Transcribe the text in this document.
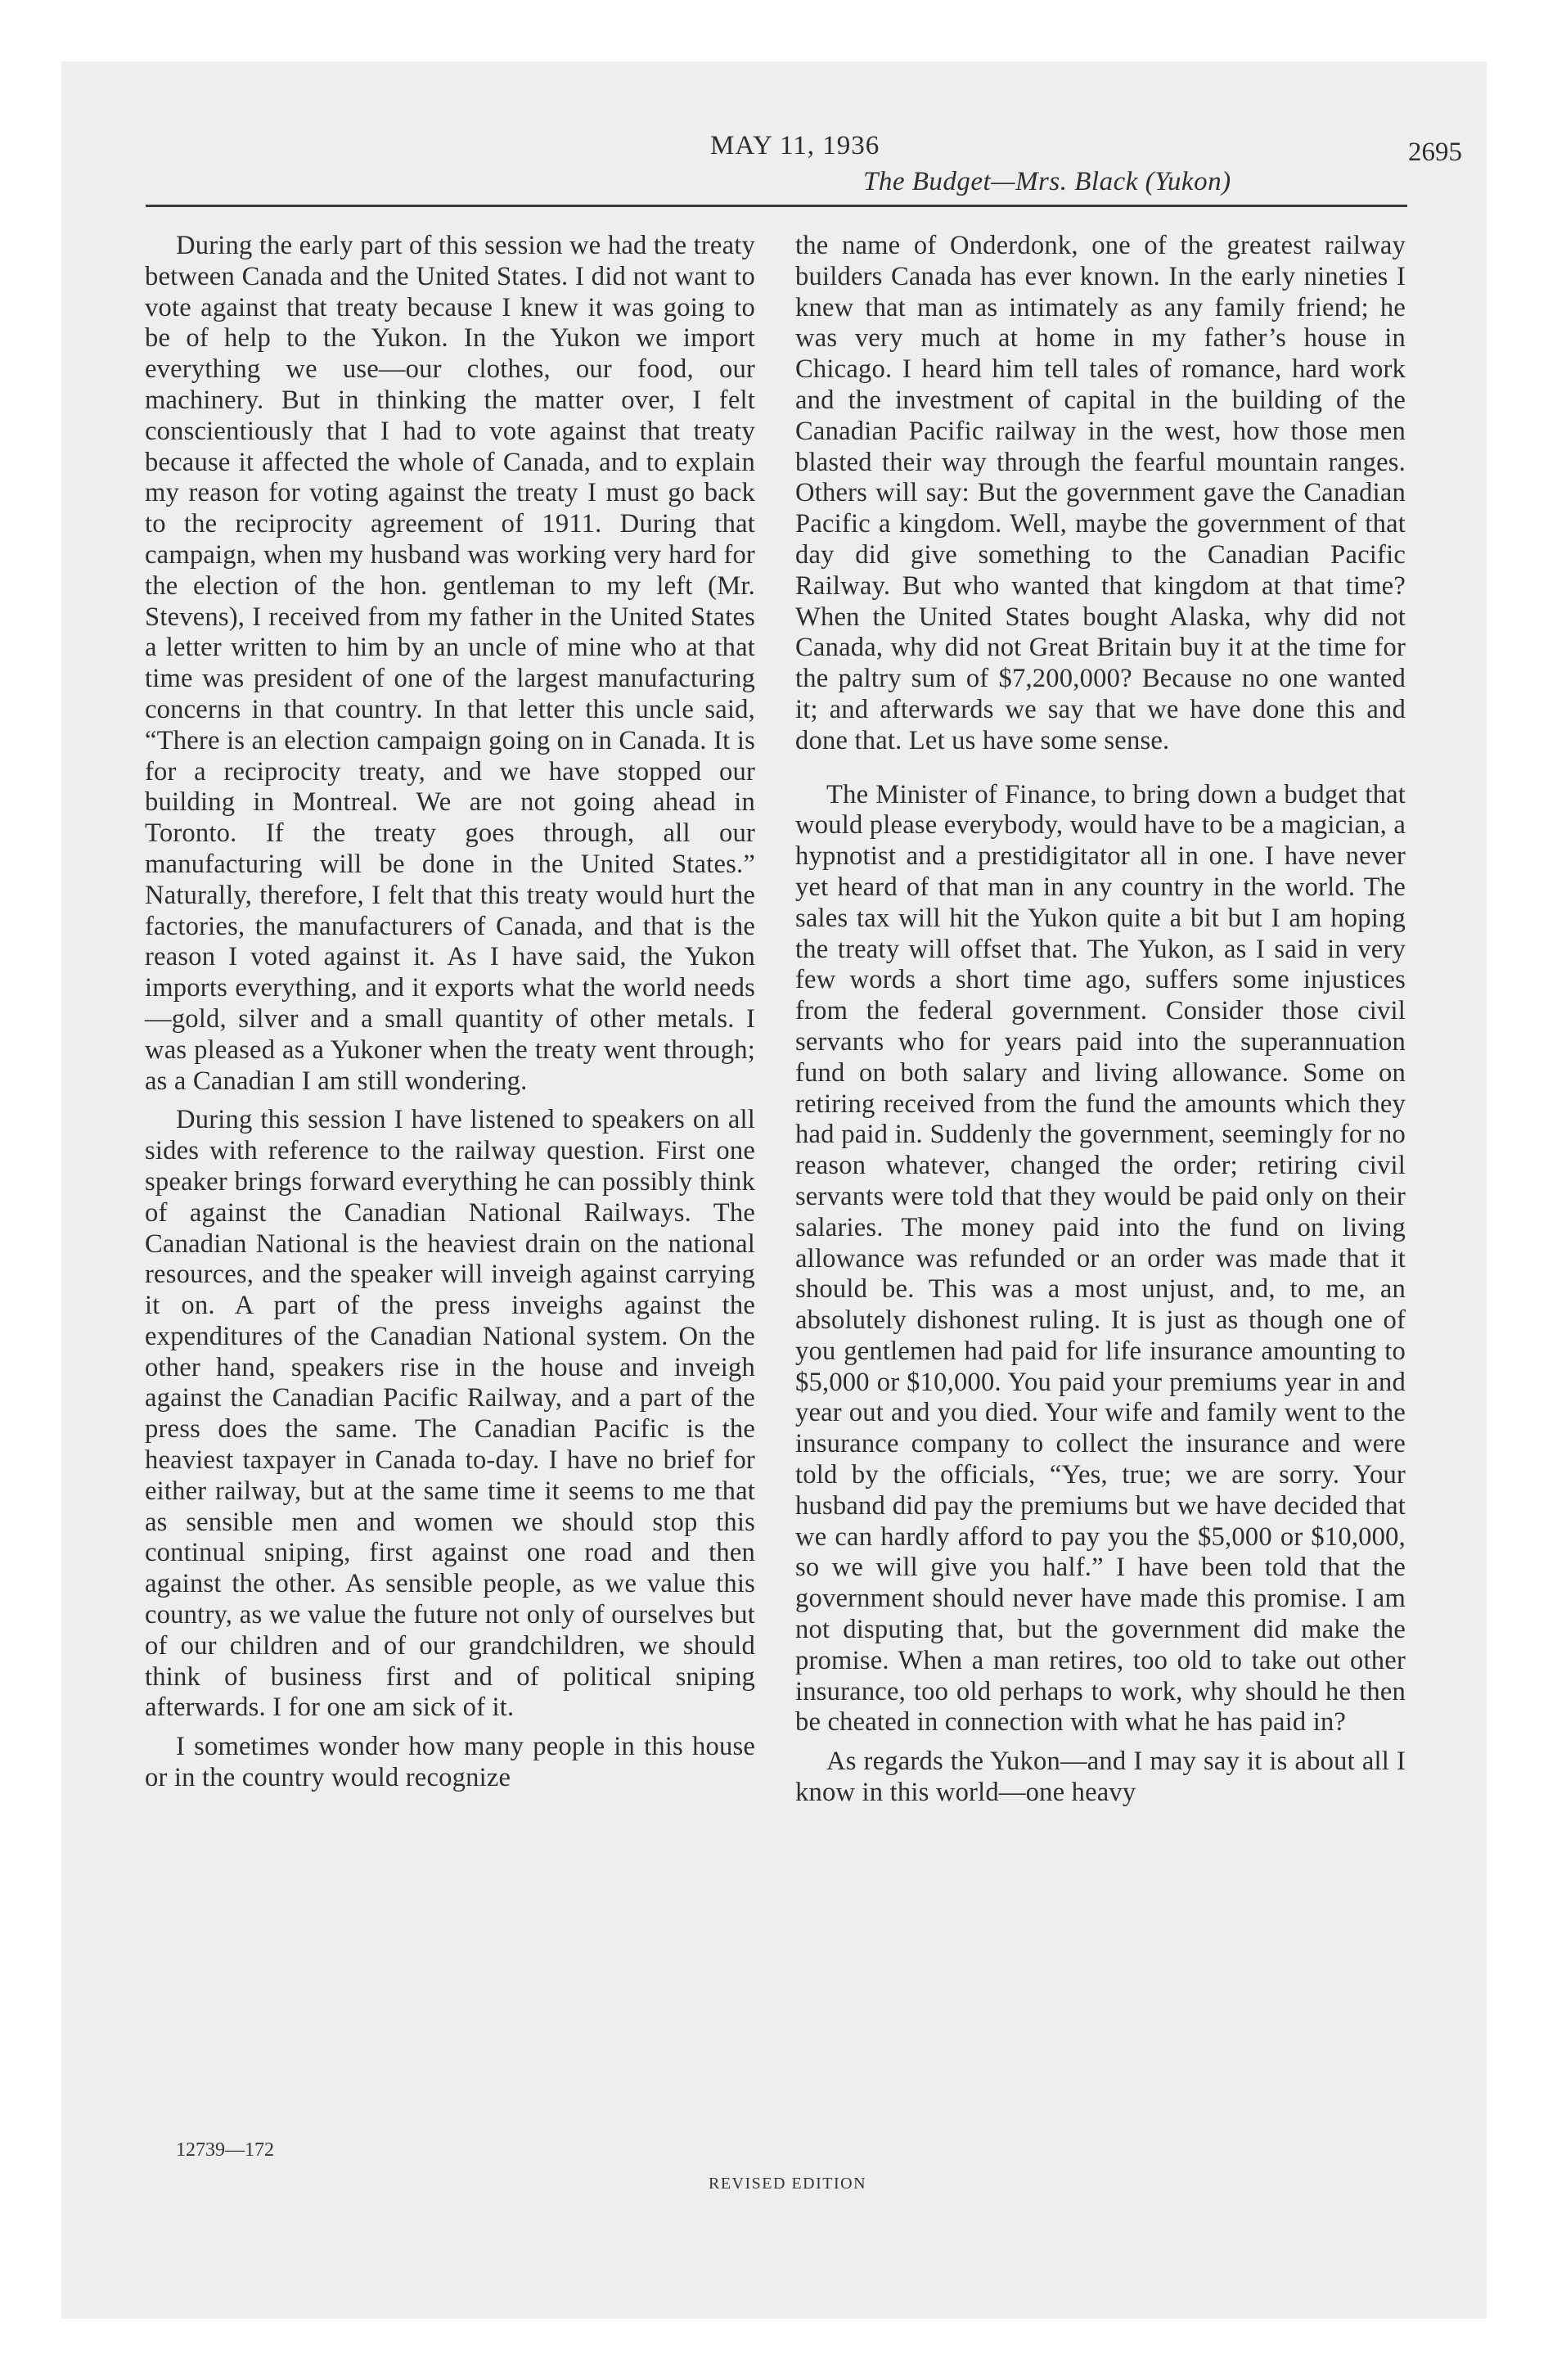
MAY 11, 1936	2695
The Budget—Mrs. Black (Yukon)

During the early part of this session we had the treaty between Canada and the United States. I did not want to vote against that treaty because I knew it was going to be of help to the Yukon. In the Yukon we import everything we use—our clothes, our food, our machinery. But in thinking the matter over, I felt conscientiously that I had to vote against that treaty because it affected the whole of Canada, and to explain my reason for voting against the treaty I must go back to the reciprocity agreement of 1911. During that campaign, when my husband was working very hard for the election of the hon. gentleman to my left (Mr. Stevens), I received from my father in the United States a letter written to him by an uncle of mine who at that time was president of one of the largest manufacturing concerns in that country. In that letter this uncle said, “There is an election campaign going on in Canada. It is for a reciprocity treaty, and we have stopped our building in Montreal. We are not going ahead in Toronto. If the treaty goes through, all our manufacturing will be done in the United States.” Naturally, therefore, I felt that this treaty would hurt the factories, the manufacturers of Canada, and that is the reason I voted against it. As I have said, the Yukon imports everything, and it exports what the world needs—gold, silver and a small quantity of other metals. I was pleased as a Yukoner when the treaty went through; as a Canadian I am still wondering.

During this session I have listened to speakers on all sides with reference to the railway question. First one speaker brings forward everything he can possibly think of against the Canadian National Railways. The Canadian National is the heaviest drain on the national resources, and the speaker will inveigh against carrying it on. A part of the press inveighs against the expenditures of the Canadian National system. On the other hand, speakers rise in the house and inveigh against the Canadian Pacific Railway, and a part of the press does the same. The Canadian Pacific is the heaviest taxpayer in Canada to-day. I have no brief for either railway, but at the same time it seems to me that as sensible men and women we should stop this continual sniping, first against one road and then against the other. As sensible people, as we value this country, as we value the future not only of ourselves but of our children and of our grandchildren, we should think of business first and of political sniping afterwards. I for one am sick of it.

I sometimes wonder how many people in this house or in the country would recognize

the name of Onderdonk, one of the greatest railway builders Canada has ever known. In the early nineties I knew that man as intimately as any family friend; he was very much at home in my father’s house in Chicago. I heard him tell tales of romance, hard work and the investment of capital in the building of the Canadian Pacific railway in the west, how those men blasted their way through the fearful mountain ranges. Others will say: But the government gave the Canadian Pacific a kingdom. Well, maybe the government of that day did give something to the Canadian Pacific Railway. But who wanted that kingdom at that time? When the United States bought Alaska, why did not Canada, why did not Great Britain buy it at the time for the paltry sum of $7,200,000? Because no one wanted it; and afterwards we say that we have done this and done that. Let us have some sense.

The Minister of Finance, to bring down a budget that would please everybody, would have to be a magician, a hypnotist and a prestidigitator all in one. I have never yet heard of that man in any country in the world. The sales tax will hit the Yukon quite a bit but I am hoping the treaty will offset that. The Yukon, as I said in very few words a short time ago, suffers some injustices from the federal government. Consider those civil servants who for years paid into the superannuation fund on both salary and living allowance. Some on retiring received from the fund the amounts which they had paid in. Suddenly the government, seemingly for no reason whatever, changed the order; retiring civil servants were told that they would be paid only on their salaries. The money paid into the fund on living allowance was refunded or an order was made that it should be. This was a most unjust, and, to me, an absolutely dishonest ruling. It is just as though one of you gentlemen had paid for life insurance amounting to $5,000 or $10,000. You paid your premiums year in and year out and you died. Your wife and family went to the insurance company to collect the insurance and were told by the officials, “Yes, true; we are sorry. Your husband did pay the premiums but we have decided that we can hardly afford to pay you the $5,000 or $10,000, so we will give you half.” I have been told that the government should never have made this promise. I am not disputing that, but the government did make the promise. When a man retires, too old to take out other insurance, too old perhaps to work, why should he then be cheated in connection with what he has paid in?

As regards the Yukon—and I may say it is about all I know in this world—one heavy

12739—172
REVISED EDITION
